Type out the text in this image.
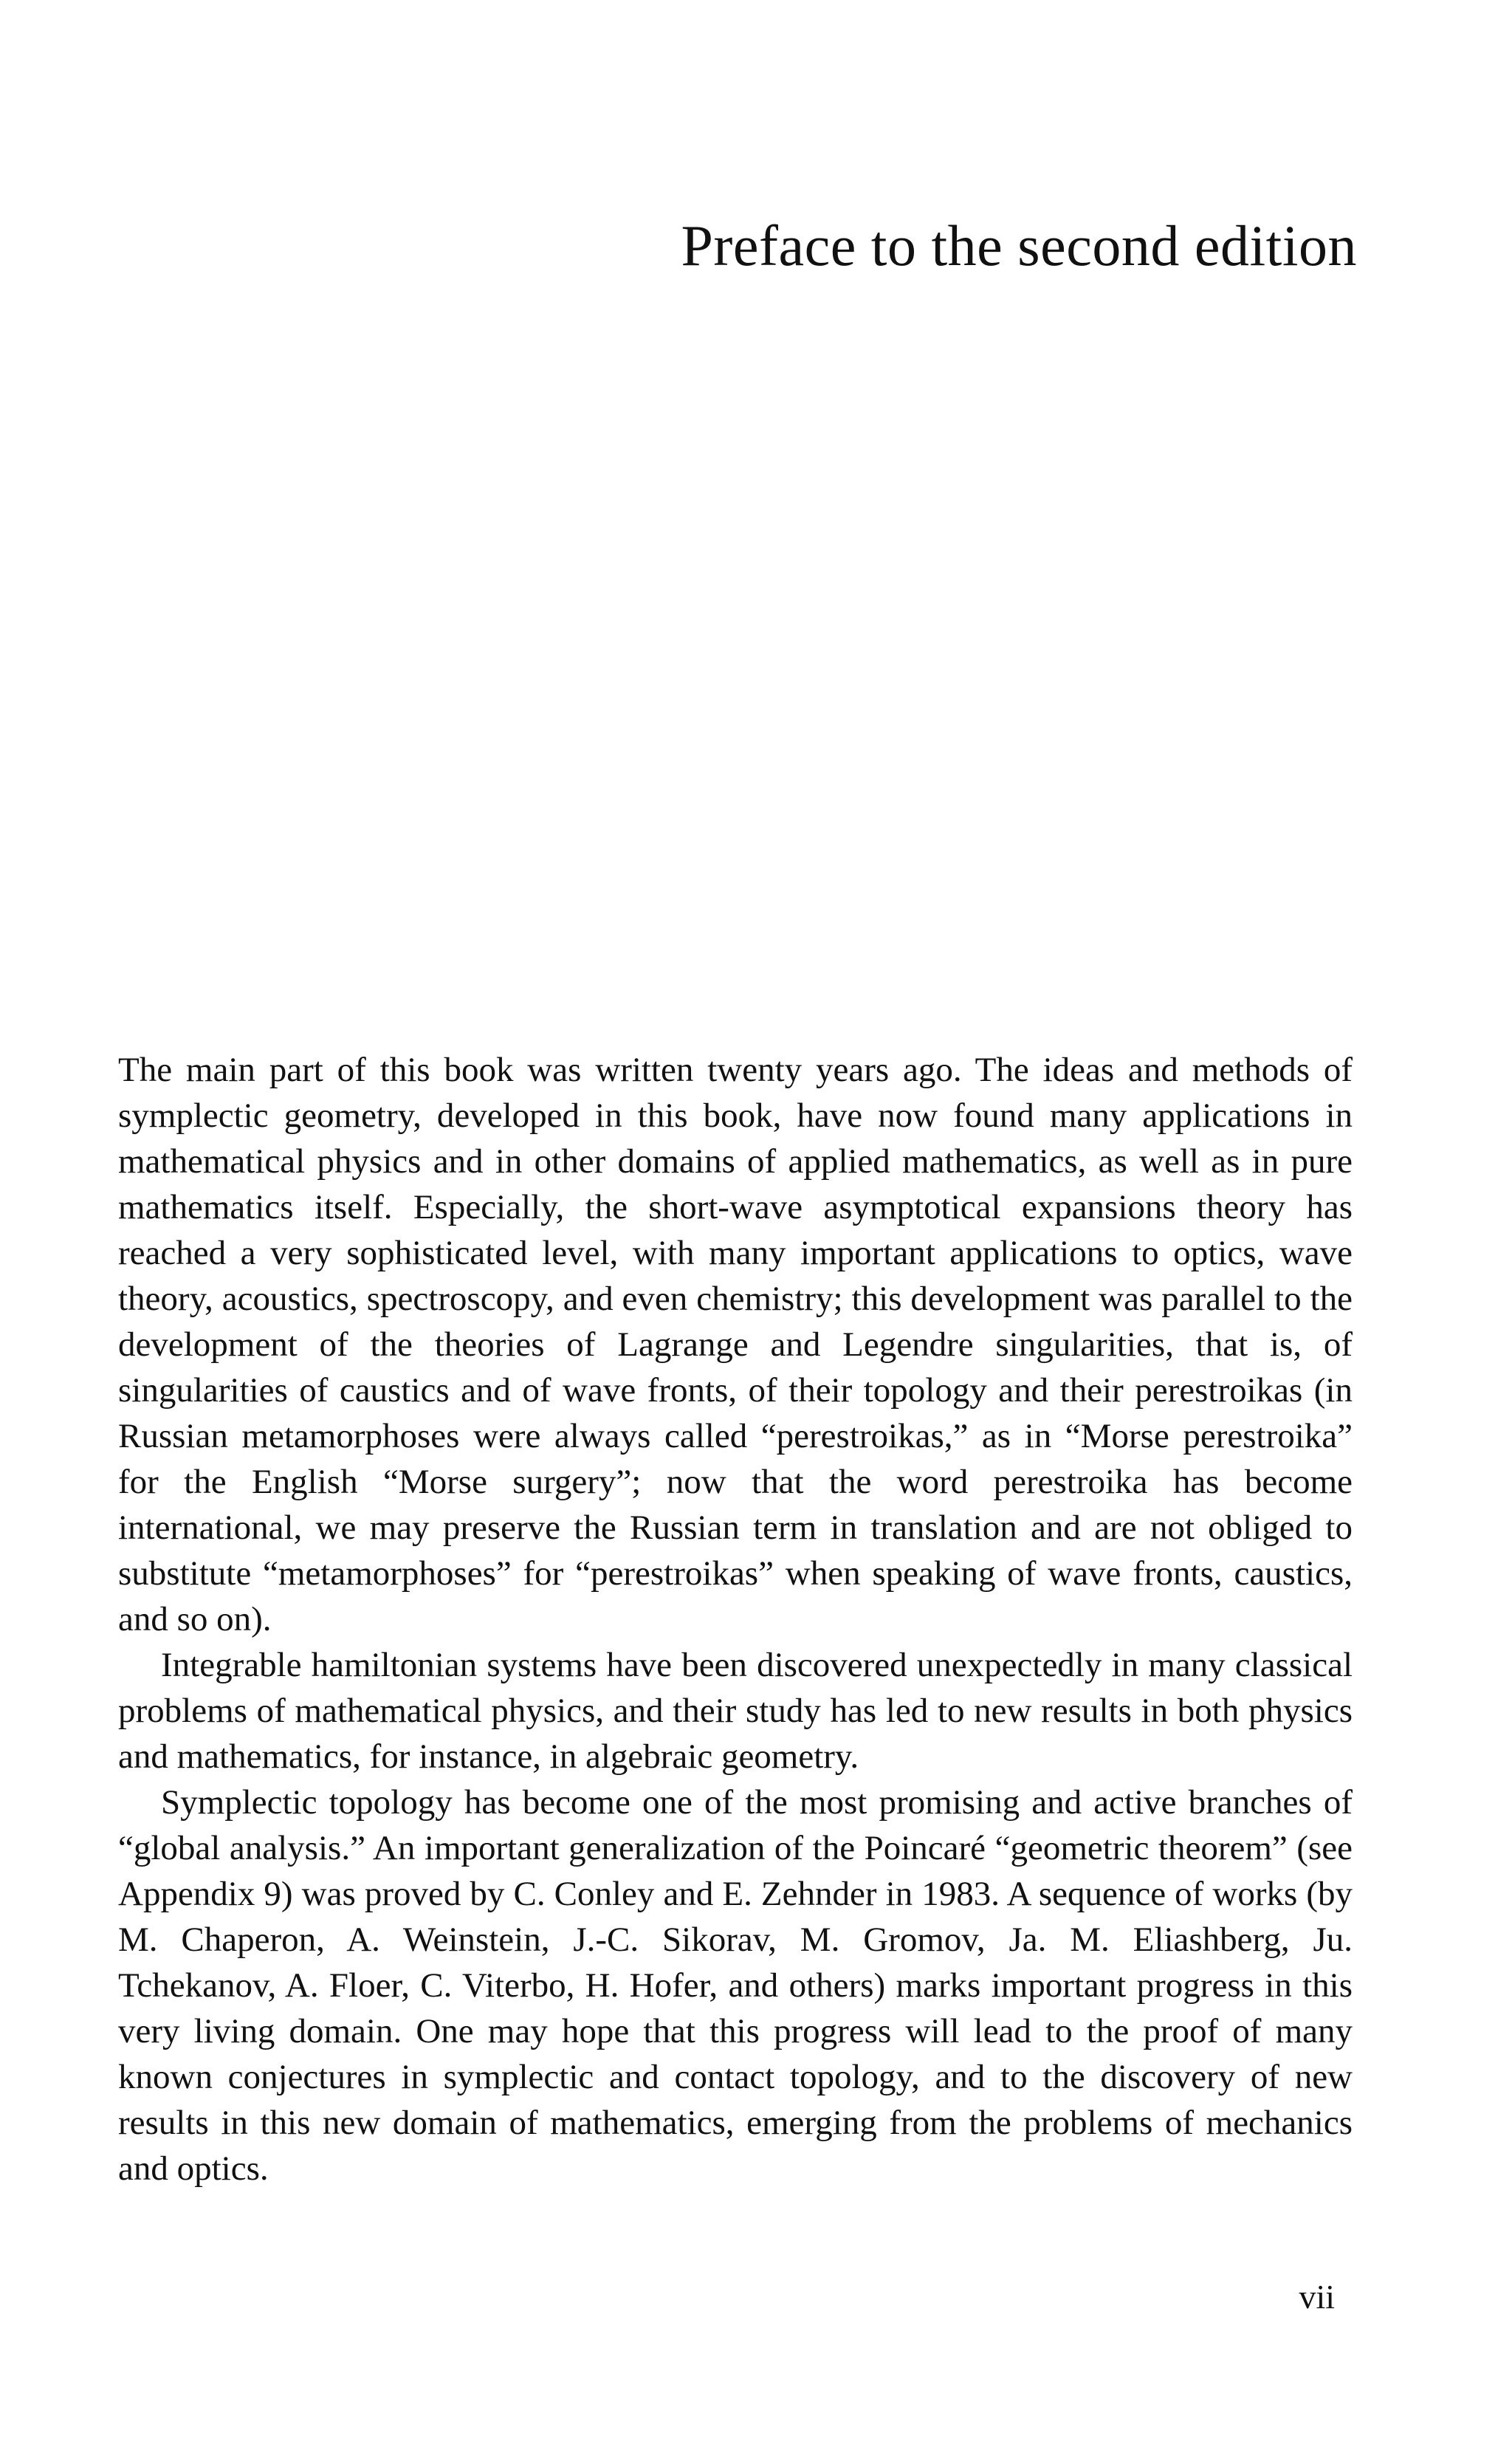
Preface to the second edition

The main part of this book was written twenty years ago. The ideas and methods of symplectic geometry, developed in this book, have now found many applications in mathematical physics and in other domains of applied mathematics, as well as in pure mathematics itself. Especially, the short-wave asymptotical expansions theory has reached a very sophisticated level, with many important applications to optics, wave theory, acoustics, spectroscopy, and even chemistry; this development was parallel to the development of the theories of Lagrange and Legendre singularities, that is, of singularities of caustics and of wave fronts, of their topology and their perestroikas (in Russian metamorphoses were always called “perestroikas,” as in “Morse perestroika” for the English “Morse surgery”; now that the word perestroika has become international, we may preserve the Russian term in translation and are not obliged to substitute “metamorphoses” for “perestroikas” when speaking of wave fronts, caustics, and so on).

Integrable hamiltonian systems have been discovered unexpectedly in many classical problems of mathematical physics, and their study has led to new results in both physics and mathematics, for instance, in algebraic geometry.

Symplectic topology has become one of the most promising and active branches of “global analysis.” An important generalization of the Poincaré “geometric theorem” (see Appendix 9) was proved by C. Conley and E. Zehnder in 1983. A sequence of works (by M. Chaperon, A. Weinstein, J.-C. Sikorav, M. Gromov, Ja. M. Eliashberg, Ju. Tchekanov, A. Floer, C. Viterbo, H. Hofer, and others) marks important progress in this very living domain. One may hope that this progress will lead to the proof of many known conjectures in symplectic and contact topology, and to the discovery of new results in this new domain of mathematics, emerging from the problems of mechanics and optics.

vii
